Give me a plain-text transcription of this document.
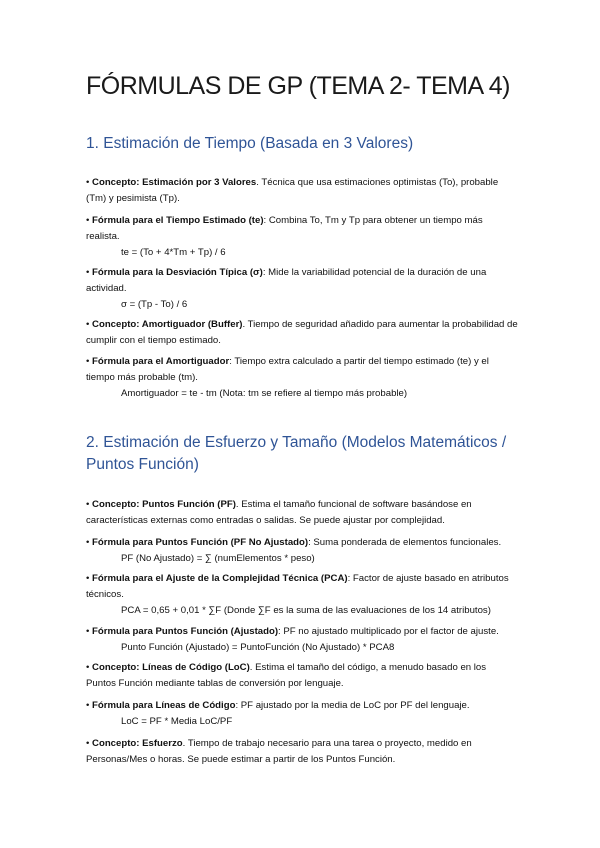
FÓRMULAS DE GP (TEMA 2- TEMA 4)
1. Estimación de Tiempo (Basada en 3 Valores)

• Concepto: Estimación por 3 Valores. Técnica que usa estimaciones optimistas (To), probable (Tm) y pesimista (Tp).

• Fórmula para el Tiempo Estimado (te): Combina To, Tm y Tp para obtener un tiempo más realista.

te = (To + 4*Tm + Tp) / 6

• Fórmula para la Desviación Típica (σ): Mide la variabilidad potencial de la duración de una actividad.

σ = (Tp - To) / 6

• Concepto: Amortiguador (Buffer). Tiempo de seguridad añadido para aumentar la probabilidad de cumplir con el tiempo estimado.

• Fórmula para el Amortiguador: Tiempo extra calculado a partir del tiempo estimado (te) y el tiempo más probable (tm).

Amortiguador = te - tm (Nota: tm se refiere al tiempo más probable)

2. Estimación de Esfuerzo y Tamaño (Modelos Matemáticos / Puntos Función)

• Concepto: Puntos Función (PF). Estima el tamaño funcional de software basándose en características externas como entradas o salidas. Se puede ajustar por complejidad.

• Fórmula para Puntos Función (PF No Ajustado): Suma ponderada de elementos funcionales.

PF (No Ajustado) = ∑ (numElementos * peso)

• Fórmula para el Ajuste de la Complejidad Técnica (PCA): Factor de ajuste basado en atributos técnicos.

PCA = 0,65 + 0,01 * ∑F (Donde ∑F es la suma de las evaluaciones de los 14 atributos)

• Fórmula para Puntos Función (Ajustado): PF no ajustado multiplicado por el factor de ajuste.

Punto Función (Ajustado) = PuntoFunción (No Ajustado) * PCA8

• Concepto: Líneas de Código (LoC). Estima el tamaño del código, a menudo basado en los Puntos Función mediante tablas de conversión por lenguaje.

• Fórmula para Líneas de Código: PF ajustado por la media de LoC por PF del lenguaje.

LoC = PF * Media LoC/PF

• Concepto: Esfuerzo. Tiempo de trabajo necesario para una tarea o proyecto, medido en Personas/Mes o horas. Se puede estimar a partir de los Puntos Función.
